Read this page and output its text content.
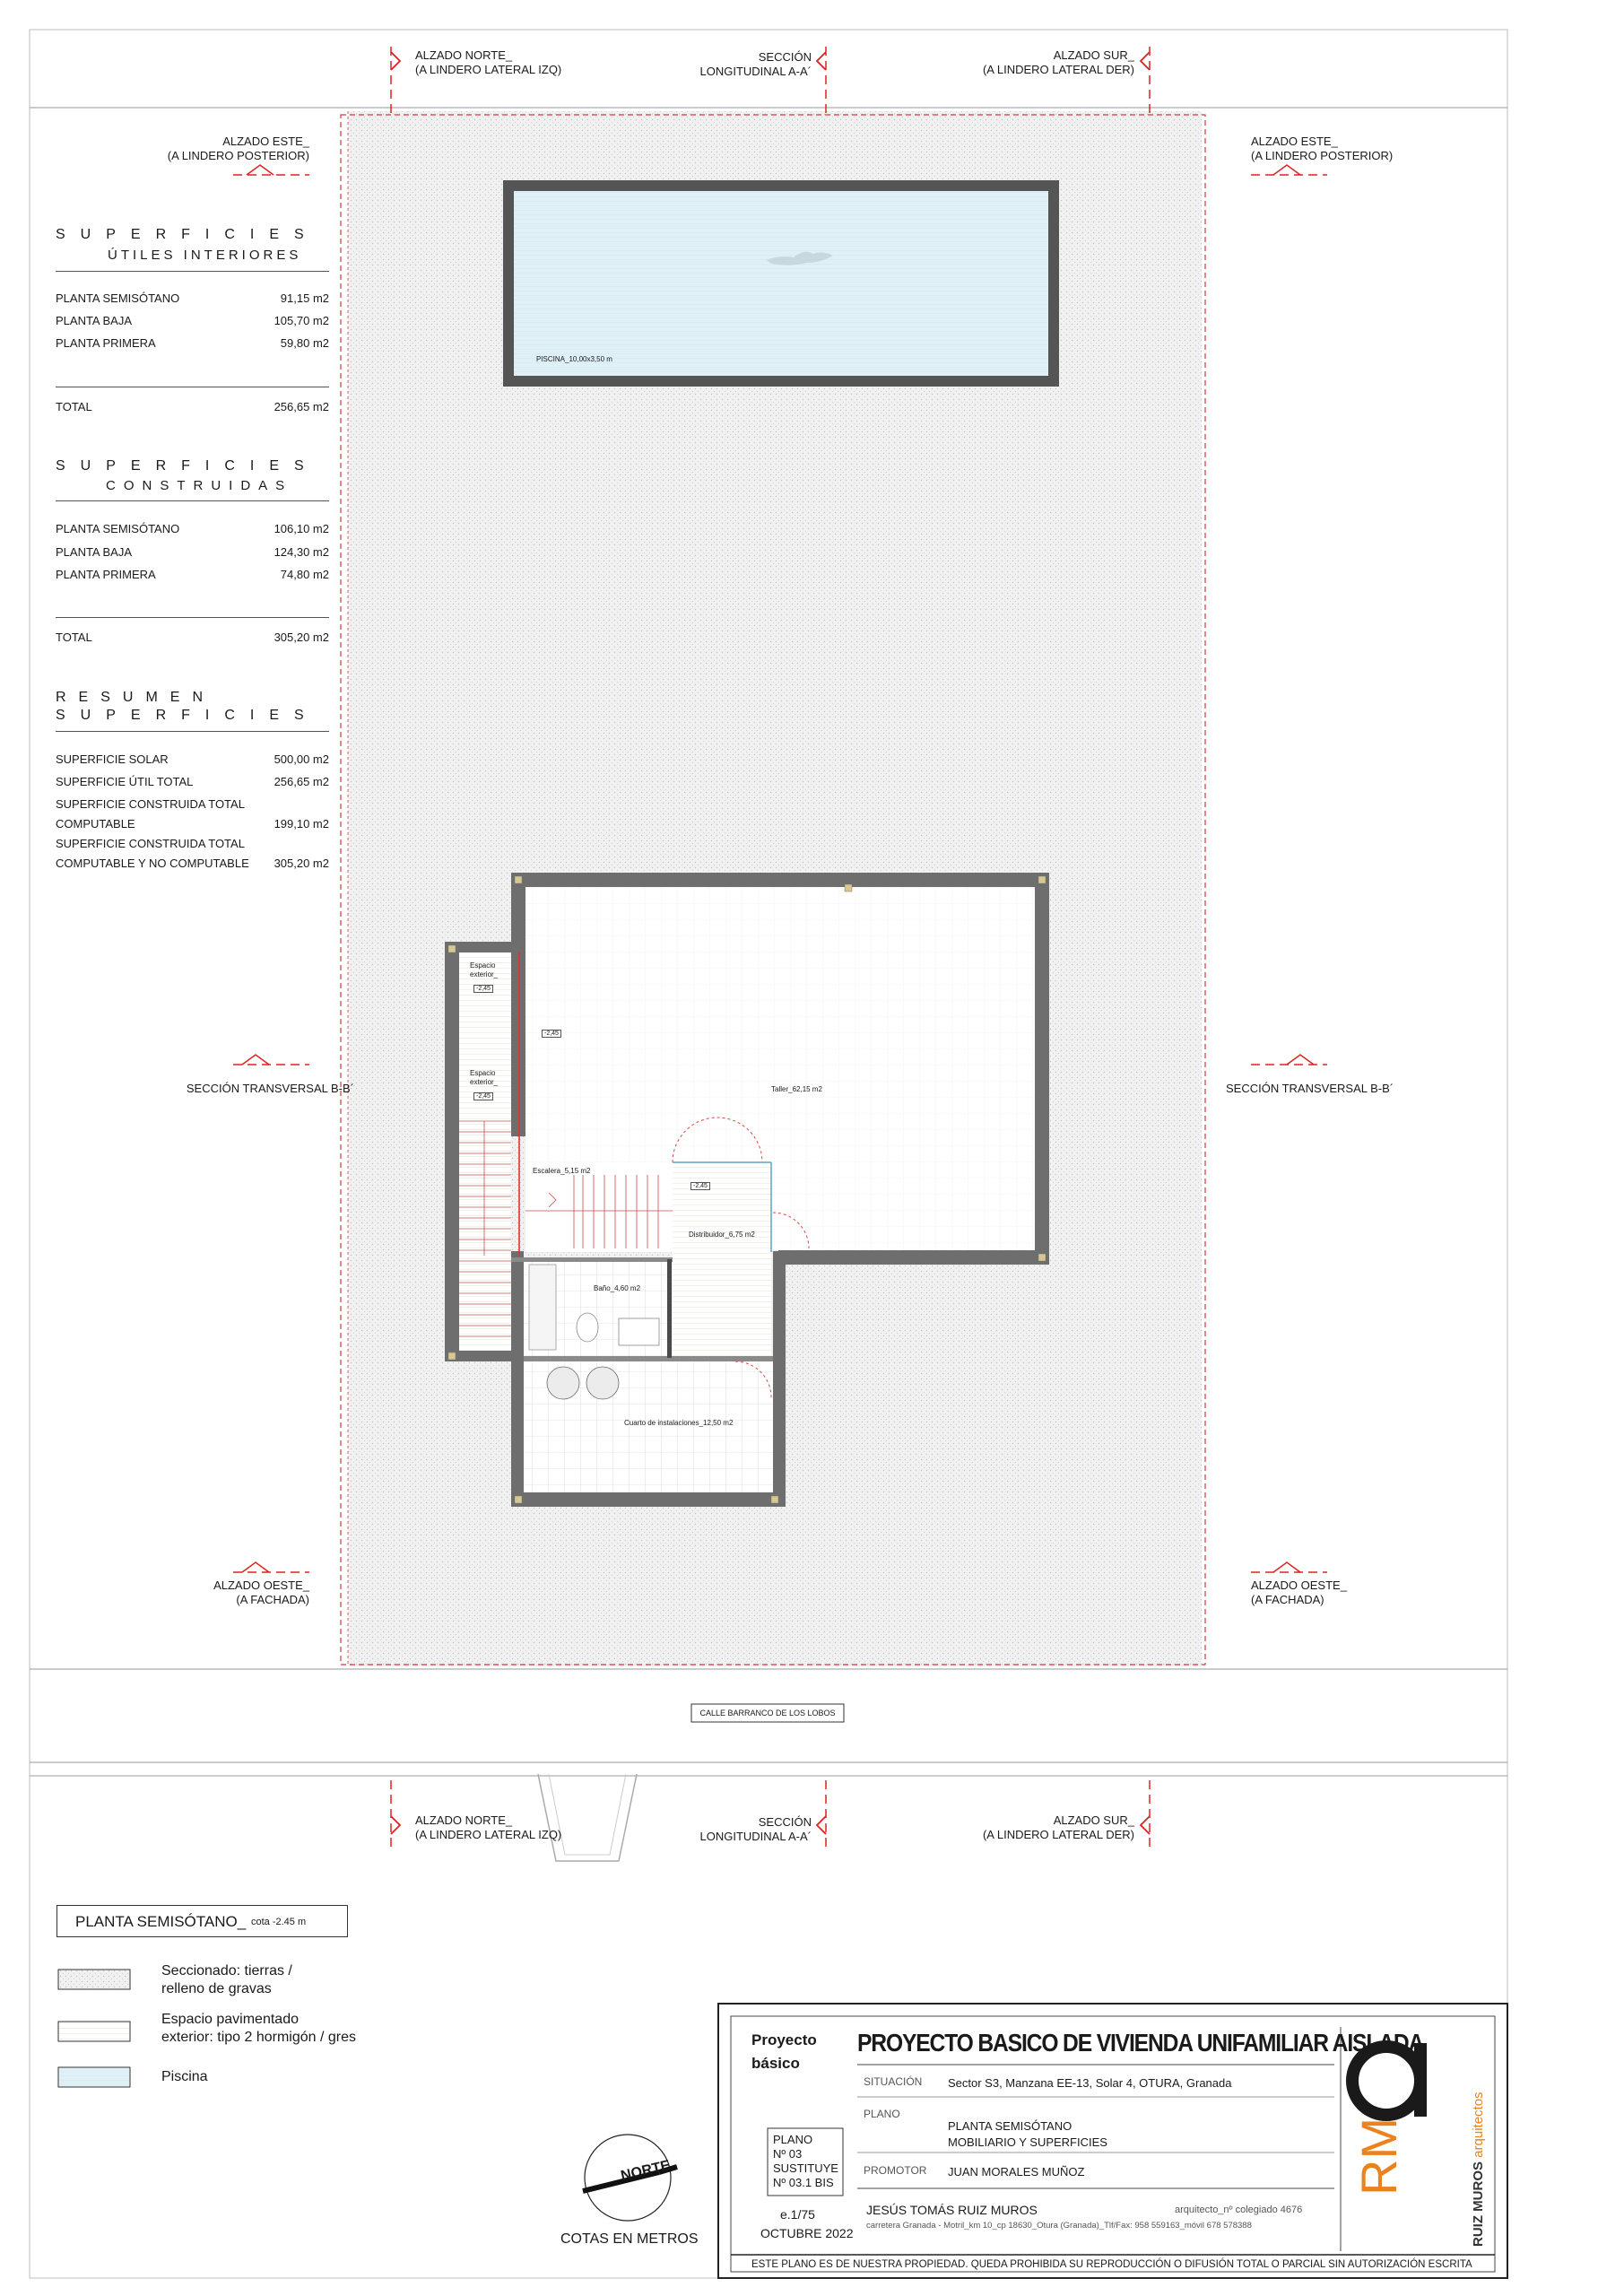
ALZADO NORTE_
(A LINDERO LATERAL IZQ)
SECCIÓN
LONGITUDINAL A-A´
ALZADO SUR_
(A LINDERO LATERAL DER)
ALZADO ESTE_
(A LINDERO POSTERIOR)
ALZADO ESTE_
(A LINDERO POSTERIOR)
SECCIÓN TRANSVERSAL B-B´	SECCIÓN TRANSVERSAL B-B´
ALZADO OESTE_
(A FACHADA)
ALZADO OESTE_
(A FACHADA)
ALZADO NORTE_
(A LINDERO LATERAL IZQ)
SECCIÓN
LONGITUDINAL A-A´
ALZADO SUR_
(A LINDERO LATERAL DER)
SUPERFICIES
ÚTILES INTERIORES
PLANTA SEMISÓTANO	91,15 m2
PLANTA BAJA	105,70 m2
PLANTA PRIMERA	59,80 m2
TOTAL	256,65 m2
SUPERFICIES
CONSTRUIDAS
PLANTA SEMISÓTANO	106,10 m2
PLANTA BAJA	124,30 m2
PLANTA PRIMERA	74,80 m2
TOTAL	305,20 m2
RESUMEN
SUPERFICIES
SUPERFICIE SOLAR	500,00 m2
SUPERFICIE ÚTIL TOTAL	256,65 m2
SUPERFICIE CONSTRUIDA TOTAL
COMPUTABLE	199,10 m2
SUPERFICIE CONSTRUIDA TOTAL
COMPUTABLE Y NO COMPUTABLE 305,20 m2
PISCINA_10,00x3,50 m
Taller_62,15 m2
Escalera_5,15 m2
Distribuidor_6,75 m2
Baño_4,60 m2
Cuarto de instalaciones_12,50 m2
Espacio
exterior_
Espacio
exterior_
-2,45
-2,45
-2,45
-2,45
CALLE BARRANCO DE LOS LOBOS
PLANTA SEMISÓTANO_ cota -2.45 m
Seccionado: tierras /
relleno de gravas
Espacio pavimentado
exterior: tipo 2 hormigón / gres
Piscina
NORTE
COTAS EN METROS
Proyecto
básico
PROYECTO BASICO DE VIVIENDA UNIFAMILIAR AISLADA
SITUACIÓN Sector S3, Manzana EE-13, Solar 4, OTURA, Granada
PLANO
PLANTA SEMISÓTANO
MOBILIARIO Y SUPERFICIES
PROMOTOR JUAN MORALES MUÑOZ
PLANO
Nº 03
SUSTITUYE
Nº 03.1 BIS
e.1/75
OCTUBRE 2022
JESÚS TOMÁS RUIZ MUROS	arquitecto_nº colegiado 4676
carretera Granada - Motril_km 10_cp 18630_Otura (Granada)_Tlf/Fax: 958 559163_móvil 678 578388
ESTE PLANO ES DE NUESTRA PROPIEDAD. QUEDA PROHIBIDA SU REPRODUCCIÓN O DIFUSIÓN TOTAL O PARCIAL SIN AUTORIZACIÓN ESCRITA
RM
RUIZ MUROS arquitectos
